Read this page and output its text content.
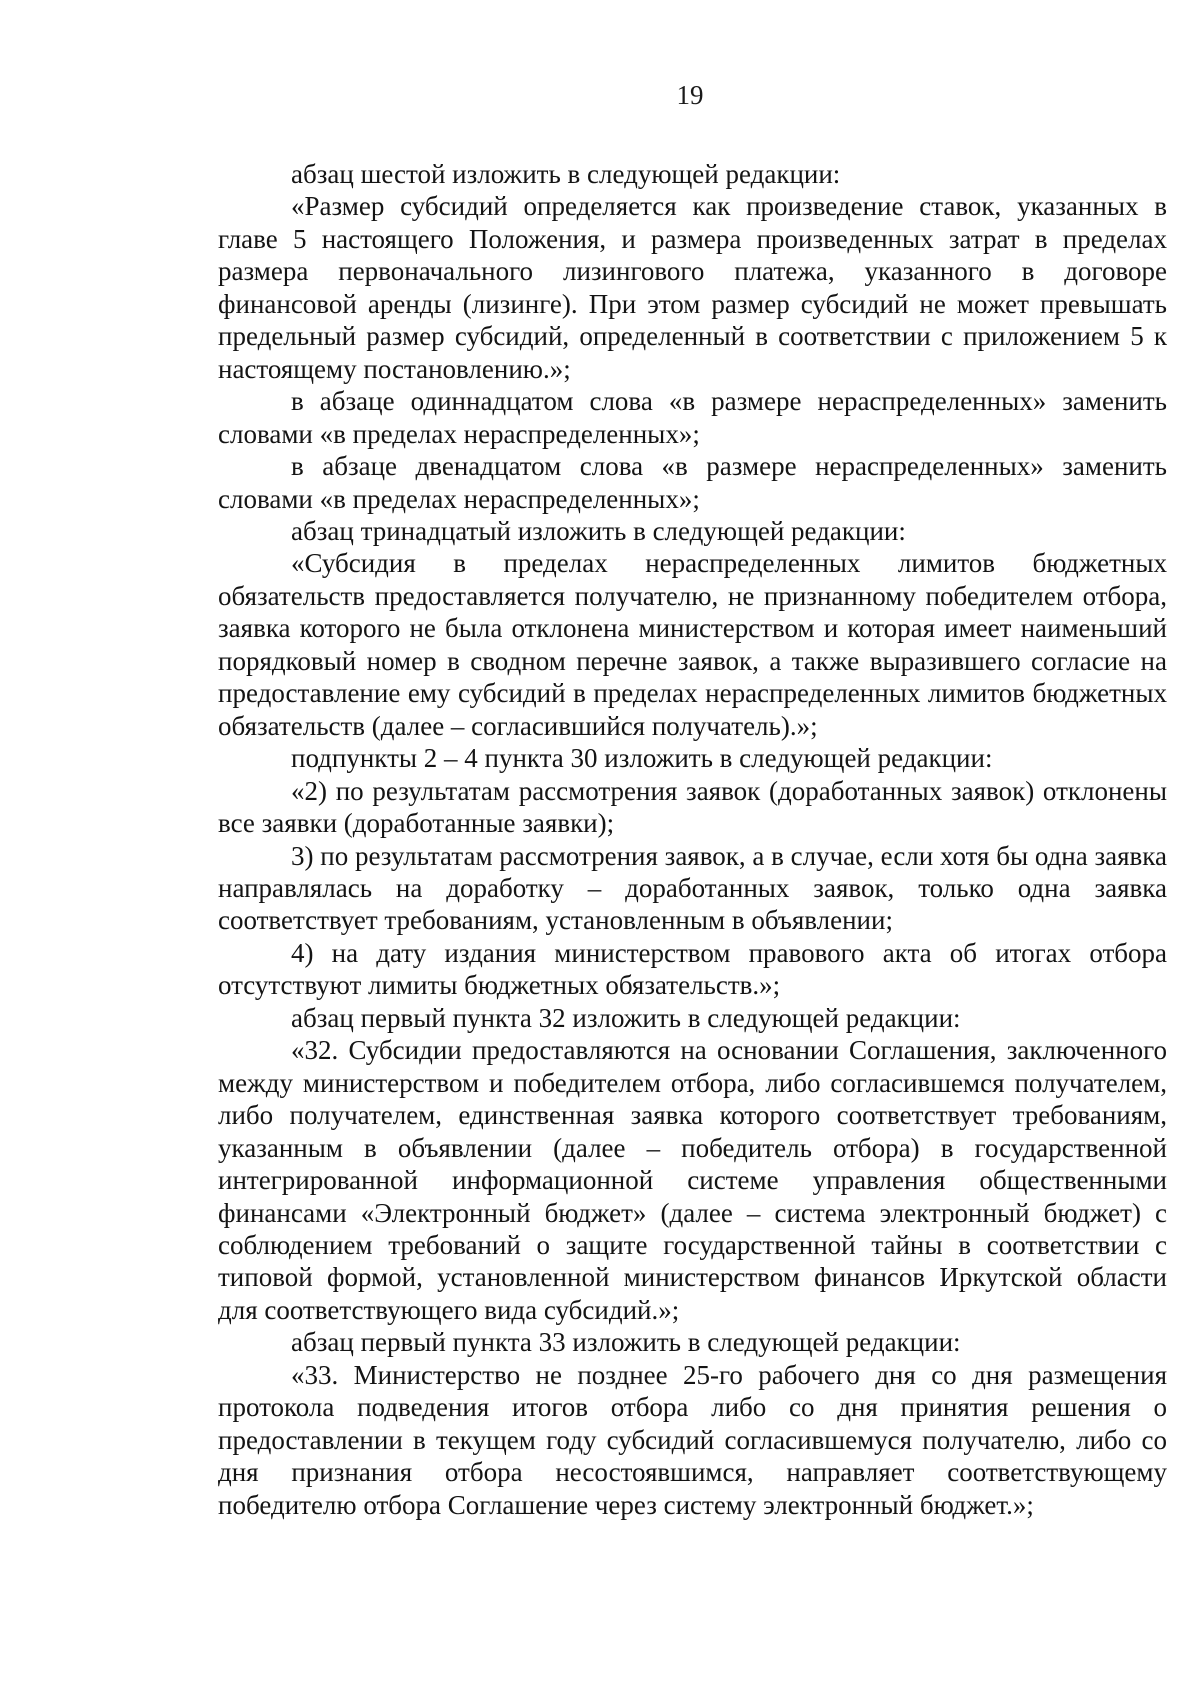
19

абзац шестой изложить в следующей редакции:

«Размер субсидий определяется как произведение ставок, указанных в главе 5 настоящего Положения, и размера произведенных затрат в пределах размера первоначального лизингового платежа, указанного в договоре финансовой аренды (лизинге). При этом размер субсидий не может превышать предельный размер субсидий, определенный в соответствии с приложением 5 к настоящему постановлению.»;

в абзаце одиннадцатом слова «в размере нераспределенных» заменить словами «в пределах нераспределенных»;

в абзаце двенадцатом слова «в размере нераспределенных» заменить словами «в пределах нераспределенных»;

абзац тринадцатый изложить в следующей редакции:

«Субсидия в пределах нераспределенных лимитов бюджетных обязательств предоставляется получателю, не признанному победителем отбора, заявка которого не была отклонена министерством и которая имеет наименьший порядковый номер в сводном перечне заявок, а также выразившего согласие на предоставление ему субсидий в пределах нераспределенных лимитов бюджетных обязательств (далее – согласившийся получатель).»;

подпункты 2 – 4 пункта 30 изложить в следующей редакции:

«2) по результатам рассмотрения заявок (доработанных заявок) отклонены все заявки (доработанные заявки);

3) по результатам рассмотрения заявок, а в случае, если хотя бы одна заявка направлялась на доработку – доработанных заявок, только одна заявка соответствует требованиям, установленным в объявлении;

4) на дату издания министерством правового акта об итогах отбора отсутствуют лимиты бюджетных обязательств.»;

абзац первый пункта 32 изложить в следующей редакции:

«32. Субсидии предоставляются на основании Соглашения, заключенного между министерством и победителем отбора, либо согласившемся получателем, либо получателем, единственная заявка которого соответствует требованиям, указанным в объявлении (далее – победитель отбора) в государственной интегрированной информационной системе управления общественными финансами «Электронный бюджет» (далее – система электронный бюджет) с соблюдением требований о защите государственной тайны в соответствии с типовой формой, установленной министерством финансов Иркутской области для соответствующего вида субсидий.»;

абзац первый пункта 33 изложить в следующей редакции:

«33. Министерство не позднее 25-го рабочего дня со дня размещения протокола подведения итогов отбора либо со дня принятия решения о предоставлении в текущем году субсидий согласившемуся получателю, либо со дня признания отбора несостоявшимся, направляет соответствующему победителю отбора Соглашение через систему электронный бюджет.»;
